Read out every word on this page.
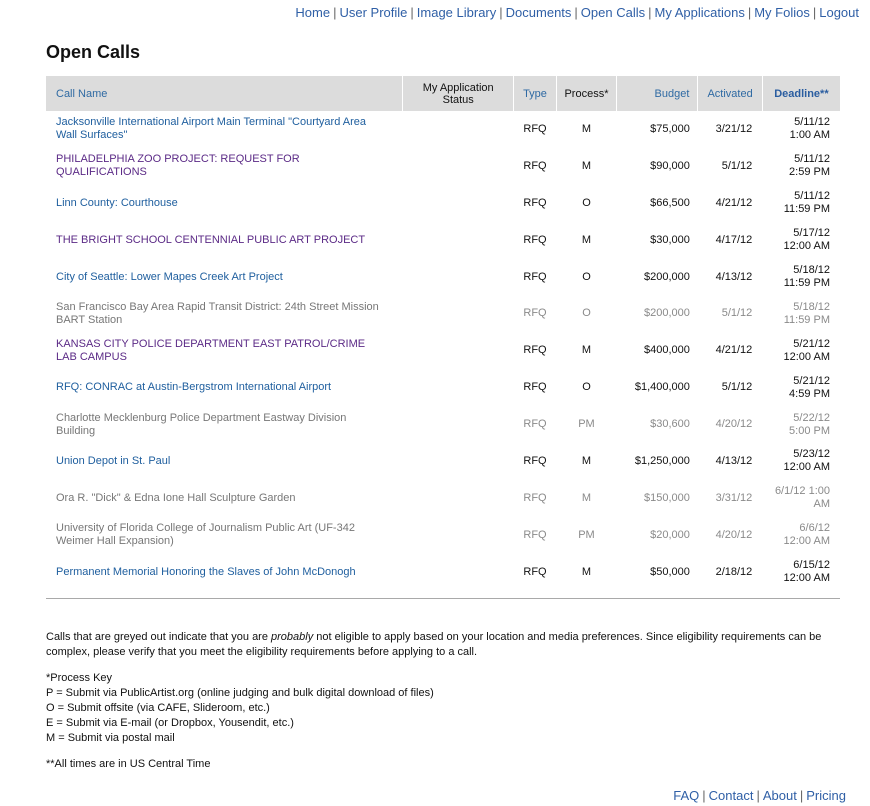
Home | User Profile | Image Library | Documents | Open Calls | My Applications | My Folios | Logout
Open Calls
Call Name	My Application Status	Type	Process*	Budget	Activated	Deadline**
Jacksonville International Airport Main Terminal "Courtyard Area Wall Surfaces"		RFQ	M	$75,000	3/21/12	5/11/12
1:00 AM
PHILADELPHIA ZOO PROJECT: REQUEST FOR QUALIFICATIONS		RFQ	M	$90,000	5/1/12	5/11/12
2:59 PM
Linn County: Courthouse		RFQ	O	$66,500	4/21/12	5/11/12
11:59 PM
THE BRIGHT SCHOOL CENTENNIAL PUBLIC ART PROJECT		RFQ	M	$30,000	4/17/12	5/17/12
12:00 AM
City of Seattle: Lower Mapes Creek Art Project		RFQ	O	$200,000	4/13/12	5/18/12
11:59 PM
San Francisco Bay Area Rapid Transit District: 24th Street Mission BART Station		RFQ	O	$200,000	5/1/12	5/18/12
11:59 PM
KANSAS CITY POLICE DEPARTMENT EAST PATROL/CRIME LAB CAMPUS		RFQ	M	$400,000	4/21/12	5/21/12
12:00 AM
RFQ: CONRAC at Austin-Bergstrom International Airport		RFQ	O	$1,400,000	5/1/12	5/21/12
4:59 PM
Charlotte Mecklenburg Police Department Eastway Division Building		RFQ	PM	$30,600	4/20/12	5/22/12
5:00 PM
Union Depot in St. Paul		RFQ	M	$1,250,000	4/13/12	5/23/12
12:00 AM
Ora R. "Dick" & Edna Ione Hall Sculpture Garden		RFQ	M	$150,000	3/31/12	6/1/12 1:00
AM
University of Florida College of Journalism Public Art (UF-342 Weimer Hall Expansion)		RFQ	PM	$20,000	4/20/12	6/6/12
12:00 AM
Permanent Memorial Honoring the Slaves of John McDonogh		RFQ	M	$50,000	2/18/12	6/15/12
12:00 AM

Calls that are greyed out indicate that you are probably not eligible to apply based on your location and media preferences. Since eligibility requirements can be complex, please verify that you meet the eligibility requirements before applying to a call.

*Process Key

P = Submit via PublicArtist.org (online judging and bulk digital download of files)

O = Submit offsite (via CAFE, Slideroom, etc.)

E = Submit via E-mail (or Dropbox, Yousendit, etc.)

M = Submit via postal mail

**All times are in US Central Time

FAQ | Contact | About | Pricing
